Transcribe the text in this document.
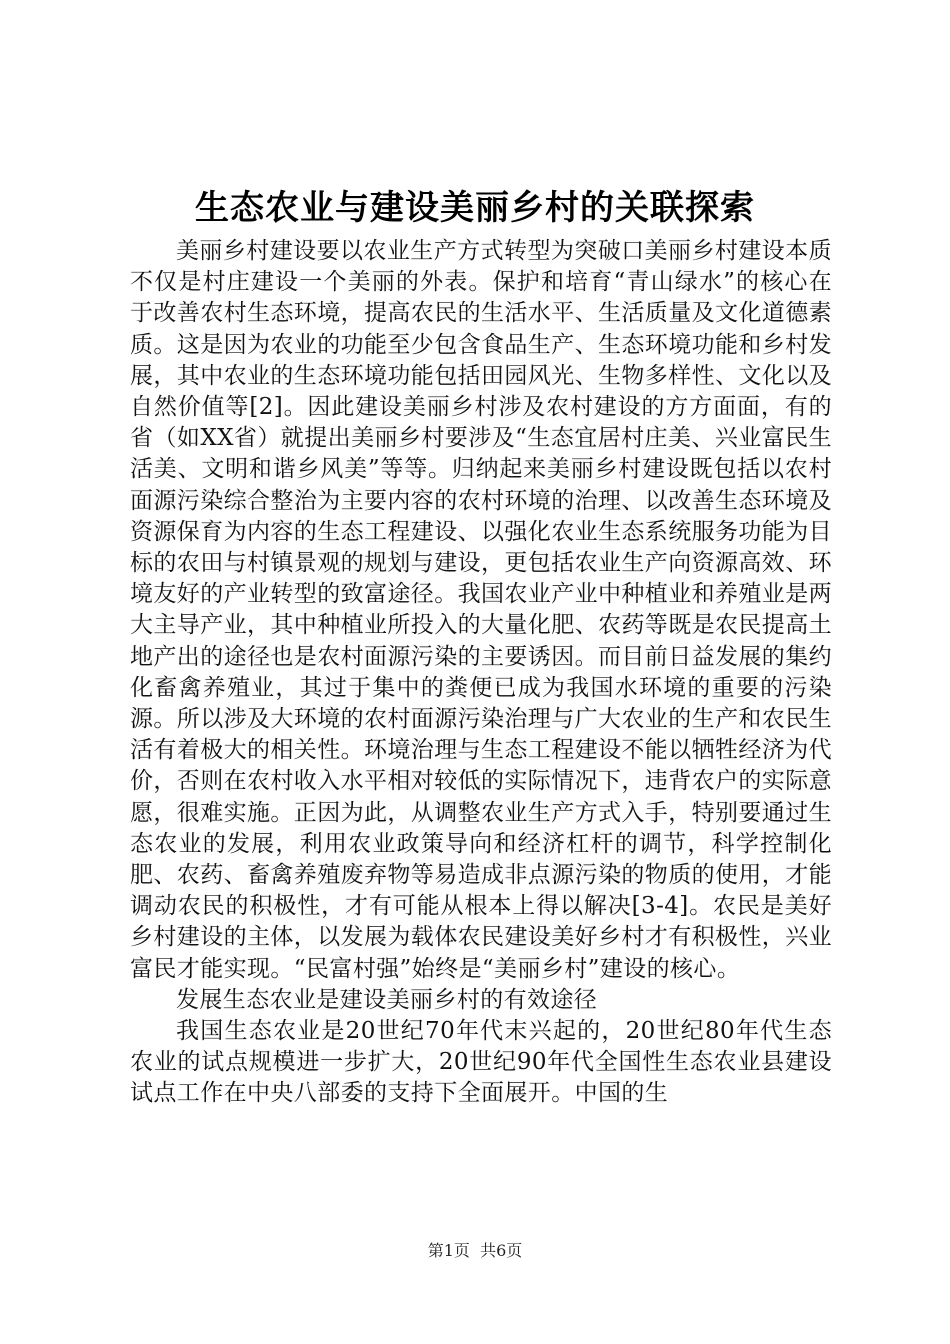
生态农业与建设美丽乡村的关联探索

美丽乡村建设要以农业生产方式转型为突破口美丽乡村建设本质不仅是村庄建设一个美丽的外表。保护和培育“青山绿水”的核心在于改善农村生态环境，提高农民的生活水平、生活质量及文化道德素质。这是因为农业的功能至少包含食品生产、生态环境功能和乡村发展，其中农业的生态环境功能包括田园风光、生物多样性、文化以及自然价值等[2]。因此建设美丽乡村涉及农村建设的方方面面，有的省（如XX省）就提出美丽乡村要涉及“生态宜居村庄美、兴业富民生活美、文明和谐乡风美”等等。归纳起来美丽乡村建设既包括以农村面源污染综合整治为主要内容的农村环境的治理、以改善生态环境及资源保育为内容的生态工程建设、以强化农业生态系统服务功能为目标的农田与村镇景观的规划与建设，更包括农业生产向资源高效、环境友好的产业转型的致富途径。我国农业产业中种植业和养殖业是两大主导产业，其中种植业所投入的大量化肥、农药等既是农民提高土地产出的途径也是农村面源污染的主要诱因。而目前日益发展的集约化畜禽养殖业，其过于集中的粪便已成为我国水环境的重要的污染源。所以涉及大环境的农村面源污染治理与广大农业的生产和农民生活有着极大的相关性。环境治理与生态工程建设不能以牺牲经济为代价，否则在农村收入水平相对较低的实际情况下，违背农户的实际意愿，很难实施。正因为此，从调整农业生产方式入手，特别要通过生态农业的发展，利用农业政策导向和经济杠杆的调节，科学控制化肥、农药、畜禽养殖废弃物等易造成非点源污染的物质的使用，才能调动农民的积极性，才有可能从根本上得以解决[3-4]。农民是美好乡村建设的主体，以发展为载体农民建设美好乡村才有积极性，兴业富民才能实现。“民富村强”始终是“美丽乡村”建设的核心。

发展生态农业是建设美丽乡村的有效途径

我国生态农业是20世纪70年代末兴起的，20世纪80年代生态农业的试点规模进一步扩大，20世纪90年代全国性生态农业县建设试点工作在中央八部委的支持下全面展开。中国的生

第1页 共6页
